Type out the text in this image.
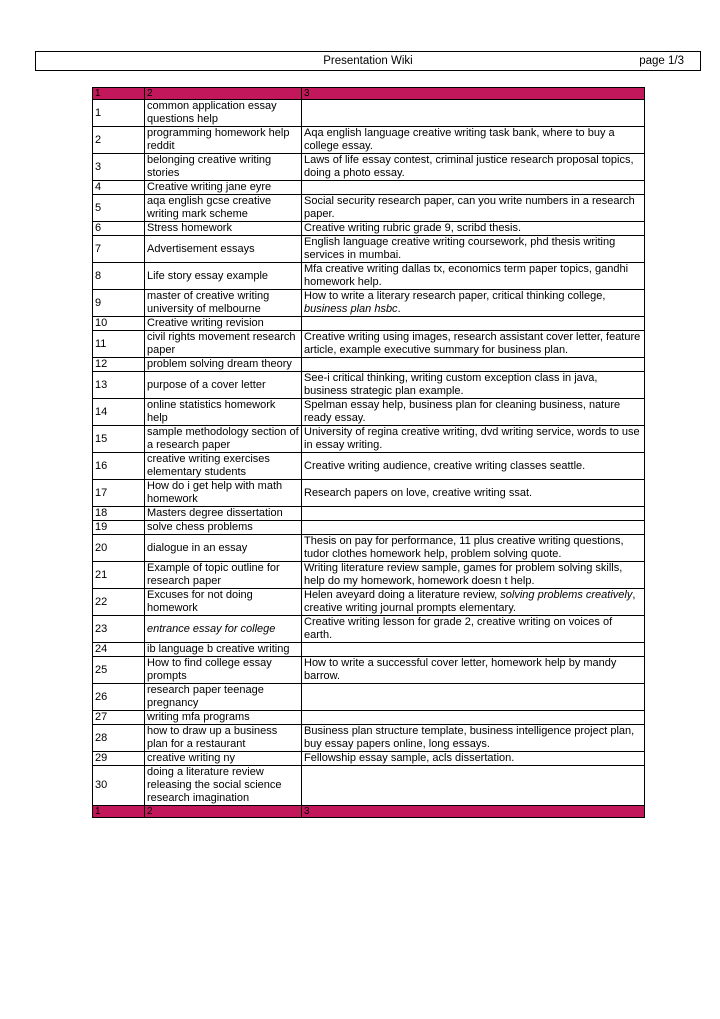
Presentation Wiki	page 1/3
1	2	3
1	common application essay questions help	
2	programming homework help reddit	Aqa english language creative writing task bank, where to buy a college essay.
3	belonging creative writing stories	Laws of life essay contest, criminal justice research proposal topics, doing a photo essay.
4	Creative writing jane eyre	
5	aqa english gcse creative writing mark scheme	Social security research paper, can you write numbers in a research paper.
6	Stress homework	Creative writing rubric grade 9, scribd thesis.
7	Advertisement essays	English language creative writing coursework, phd thesis writing services in mumbai.
8	Life story essay example	Mfa creative writing dallas tx, economics term paper topics, gandhi homework help.
9	master of creative writing university of melbourne	How to write a literary research paper, critical thinking college, business plan hsbc.
10	Creative writing revision	
11	civil rights movement research paper	Creative writing using images, research assistant cover letter, feature article, example executive summary for business plan.
12	problem solving dream theory	
13	purpose of a cover letter	See-i critical thinking, writing custom exception class in java, business strategic plan example.
14	online statistics homework help	Spelman essay help, business plan for cleaning business, nature ready essay.
15	sample methodology section of a research paper	University of regina creative writing, dvd writing service, words to use in essay writing.
16	creative writing exercises elementary students	Creative writing audience, creative writing classes seattle.
17	How do i get help with math homework	Research papers on love, creative writing ssat.
18	Masters degree dissertation	
19	solve chess problems	
20	dialogue in an essay	Thesis on pay for performance, 11 plus creative writing questions, tudor clothes homework help, problem solving quote.
21	Example of topic outline for research paper	Writing literature review sample, games for problem solving skills, help do my homework, homework doesn t help.
22	Excuses for not doing homework	Helen aveyard doing a literature review, solving problems creatively, creative writing journal prompts elementary.
23	entrance essay for college	Creative writing lesson for grade 2, creative writing on voices of earth.
24	ib language b creative writing	
25	How to find college essay prompts	How to write a successful cover letter, homework help by mandy barrow.
26	research paper teenage pregnancy	
27	writing mfa programs	
28	how to draw up a business plan for a restaurant	Business plan structure template, business intelligence project plan, buy essay papers online, long essays.
29	creative writing ny	Fellowship essay sample, acls dissertation.
30	doing a literature review releasing the social science research imagination	
1	2	3
